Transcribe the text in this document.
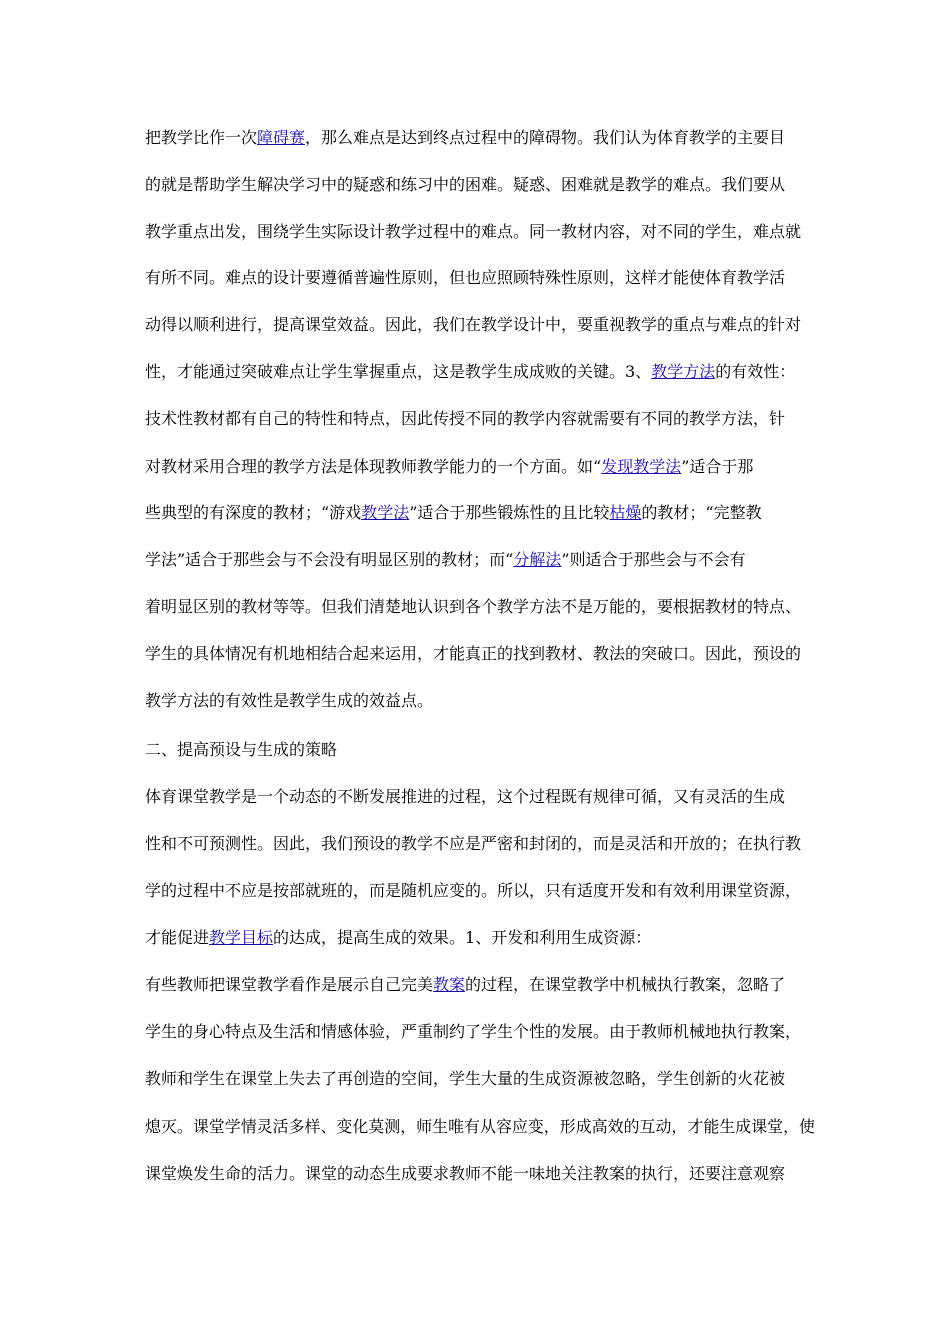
把教学比作一次障碍赛，那么难点是达到终点过程中的障碍物。我们认为体育教学的主要目
的就是帮助学生解决学习中的疑惑和练习中的困难。疑惑、困难就是教学的难点。我们要从
教学重点出发，围绕学生实际设计教学过程中的难点。同一教材内容，对不同的学生，难点就
有所不同。难点的设计要遵循普遍性原则，但也应照顾特殊性原则，这样才能使体育教学活
动得以顺利进行，提高课堂效益。因此，我们在教学设计中，要重视教学的重点与难点的针对
性，才能通过突破难点让学生掌握重点，这是教学生成成败的关键。3、教学方法的有效性：
技术性教材都有自己的特性和特点，因此传授不同的教学内容就需要有不同的教学方法，针
对教材采用合理的教学方法是体现教师教学能力的一个方面。如“发现教学法”适合于那
些典型的有深度的教材；“游戏教学法”适合于那些锻炼性的且比较枯燥的教材；“完整教
学法”适合于那些会与不会没有明显区别的教材；而“分解法”则适合于那些会与不会有
着明显区别的教材等等。但我们清楚地认识到各个教学方法不是万能的，要根据教材的特点、
学生的具体情况有机地相结合起来运用，才能真正的找到教材、教法的突破口。因此，预设的
教学方法的有效性是教学生成的效益点。
二、提高预设与生成的策略
体育课堂教学是一个动态的不断发展推进的过程，这个过程既有规律可循，又有灵活的生成
性和不可预测性。因此，我们预设的教学不应是严密和封闭的，而是灵活和开放的；在执行教
学的过程中不应是按部就班的，而是随机应变的。所以，只有适度开发和有效利用课堂资源，
才能促进教学目标的达成，提高生成的效果。1、开发和利用生成资源：
有些教师把课堂教学看作是展示自己完美教案的过程，在课堂教学中机械执行教案，忽略了
学生的身心特点及生活和情感体验，严重制约了学生个性的发展。由于教师机械地执行教案，
教师和学生在课堂上失去了再创造的空间，学生大量的生成资源被忽略，学生创新的火花被
熄灭。课堂学情灵活多样、变化莫测，师生唯有从容应变，形成高效的互动，才能生成课堂，使
课堂焕发生命的活力。课堂的动态生成要求教师不能一味地关注教案的执行，还要注意观察
